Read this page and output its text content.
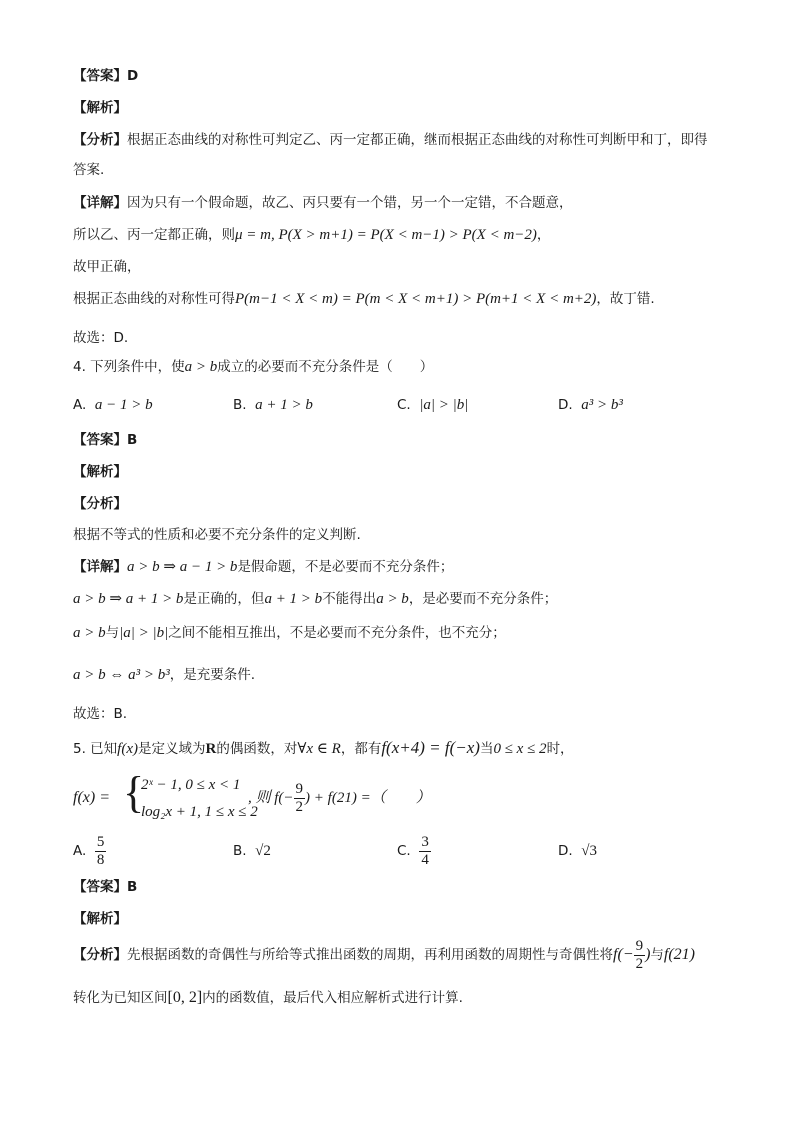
【答案】D
【解析】
【分析】根据正态曲线的对称性可判定乙、丙一定都正确，继而根据正态曲线的对称性可判断甲和丁，即得
答案.
【详解】因为只有一个假命题，故乙、丙只要有一个错，另一个一定错，不合题意，
所以乙、丙一定都正确，则μ = m, P(X > m+1) = P(X < m−1) > P(X < m−2)，
故甲正确，
根据正态曲线的对称性可得P(m−1 < X < m) = P(m < X < m+1) > P(m+1 < X < m+2)，故丁错.
故选：D.
4. 下列条件中，使a > b成立的必要而不充分条件是（　　）
A. a − 1 > b	B. a + 1 > b	C. |a| > |b|	D. a³ > b³
【答案】B
【解析】
【分析】
根据不等式的性质和必要不充分条件的定义判断.
【详解】a > b ⇒ a − 1 > b是假命题，不是必要而不充分条件；
a > b ⇒ a + 1 > b是正确的，但a + 1 > b不能得出a > b，是必要而不充分条件；
a > b与|a| > |b|之间不能相互推出，不是必要而不充分条件，也不充分；
a > b ⇔ a³ > b³，是充要条件.
故选：B.
5. 已知f(x)是定义域为R的偶函数，对∀x ∈ R，都有f(x+4) = f(−x)当0 ≤ x ≤ 2时，
f(x) = {
2ˣ − 1, 0 ≤ x < 1
log₂x + 1, 1 ≤ x ≤ 2
, 则 $f(- \frac{9}{2}$ ) + f(21) =（　　）
A. $\frac{5}{8}$	B. √2	C. $\frac{3}{4}$	D. √3
【答案】B
【解析】
【分析】先根据函数的奇偶性与所给等式推出函数的周期，再利用函数的周期性与奇偶性将$f(- \frac{9}{2}$ )与f(21)
转化为已知区间[0, 2]内的函数值，最后代入相应解析式进行计算.
